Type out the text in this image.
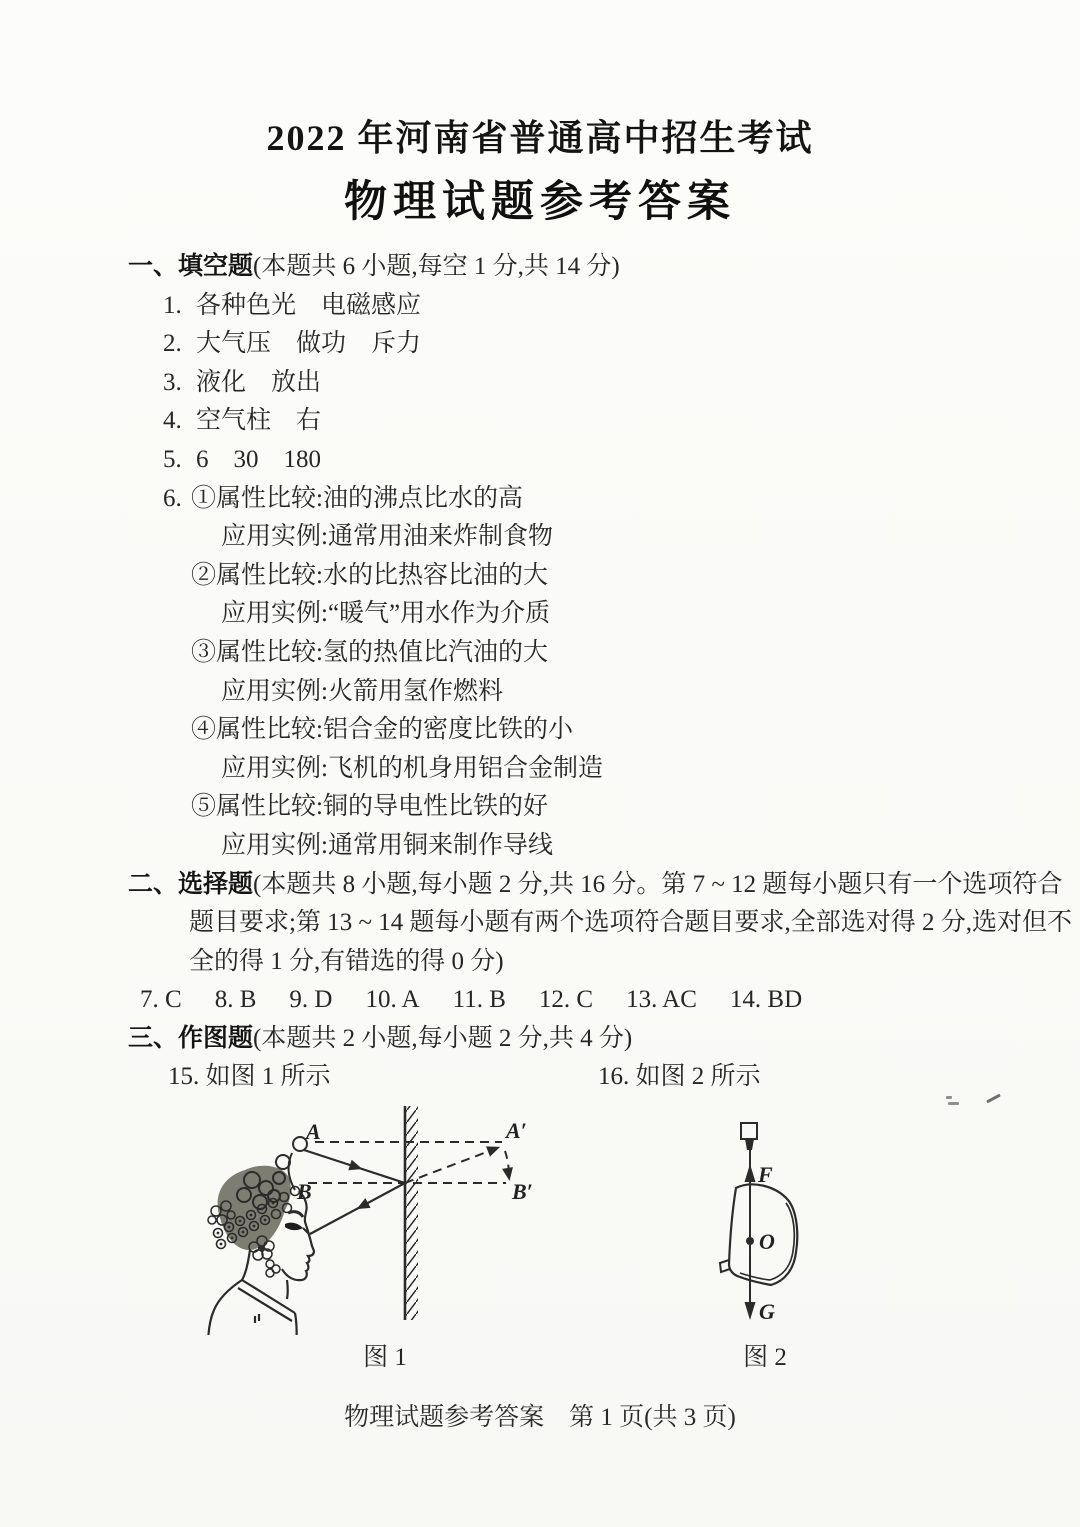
2022 年河南省普通高中招生考试
物理试题参考答案
一、填空题(本题共 6 小题,每空 1 分,共 14 分)
1. 各种色光　电磁感应
2. 大气压　做功　斥力
3. 液化　放出
4. 空气柱　右
5. 6　30　180
6. ①属性比较:油的沸点比水的高
应用实例:通常用油来炸制食物
②属性比较:水的比热容比油的大
应用实例:“暖气”用水作为介质
③属性比较:氢的热值比汽油的大
应用实例:火箭用氢作燃料
④属性比较:铝合金的密度比铁的小
应用实例:飞机的机身用铝合金制造
⑤属性比较:铜的导电性比铁的好
应用实例:通常用铜来制作导线
二、选择题(本题共 8 小题,每小题 2 分,共 16 分。第 7 ~ 12 题每小题只有一个选项符合
题目要求;第 13 ~ 14 题每小题有两个选项符合题目要求,全部选对得 2 分,选对但不
全的得 1 分,有错选的得 0 分)
7. C 8. B 9. D 10. A 11. B 12. C 13. AC 14. BD
三、作图题(本题共 2 小题,每小题 2 分,共 4 分)
15. 如图 1 所示	16. 如图 2 所示
A
B
A′
B′
F
O
G
图 1	图 2
物理试题参考答案　第 1 页(共 3 页)
